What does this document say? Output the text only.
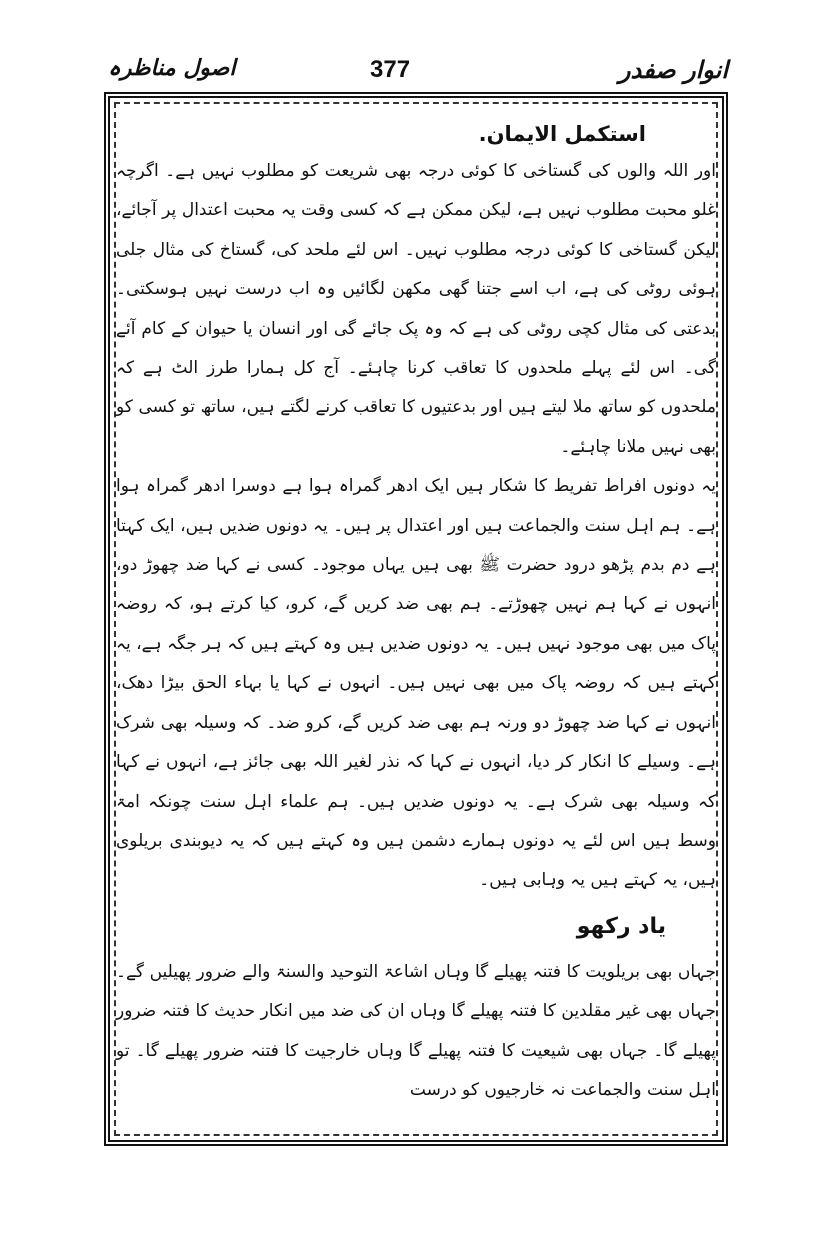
انوار صفدر
377
اصول مناظرہ

استکمل الایمان.

اور اللہ والوں کی گستاخی کا کوئی درجہ بھی شریعت کو مطلوب نہیں ہے۔ اگرچہ غلو محبت مطلوب نہیں ہے، لیکن ممکن ہے کہ کسی وقت یہ محبت اعتدال پر آجائے، لیکن گستاخی کا کوئی درجہ مطلوب نہیں۔ اس لئے ملحد کی، گستاخ کی مثال جلی ہوئی روٹی کی ہے، اب اسے جتنا گھی مکھن لگائیں وہ اب درست نہیں ہوسکتی۔ بدعتی کی مثال کچی روٹی کی ہے کہ وہ پک جائے گی اور انسان یا حیوان کے کام آئے گی۔ اس لئے پہلے ملحدوں کا تعاقب کرنا چاہئے۔ آج کل ہمارا طرز الٹ ہے کہ ملحدوں کو ساتھ ملا لیتے ہیں اور بدعتیوں کا تعاقب کرنے لگتے ہیں، ساتھ تو کسی کو بھی نہیں ملانا چاہئے۔

یہ دونوں افراط تفریط کا شکار ہیں ایک ادھر گمراہ ہوا ہے دوسرا ادھر گمراہ ہوا ہے۔ ہم اہل سنت والجماعت ہیں اور اعتدال پر ہیں۔ یہ دونوں ضدیں ہیں، ایک کہتا ہے دم بدم پڑھو درود حضرت ﷺ بھی ہیں یہاں موجود۔ کسی نے کہا ضد چھوڑ دو، انہوں نے کہا ہم نہیں چھوڑتے۔ ہم بھی ضد کریں گے، کرو، کیا کرتے ہو، کہ روضہ پاک میں بھی موجود نہیں ہیں۔ یہ دونوں ضدیں ہیں وہ کہتے ہیں کہ ہر جگہ ہے، یہ کہتے ہیں کہ روضہ پاک میں بھی نہیں ہیں۔ انہوں نے کہا یا بہاء الحق بیڑا دھک، انہوں نے کہا ضد چھوڑ دو ورنہ ہم بھی ضد کریں گے، کرو ضد۔ کہ وسیلہ بھی شرک ہے۔ وسیلے کا انکار کر دیا، انہوں نے کہا کہ نذر لغیر اللہ بھی جائز ہے، انہوں نے کہا کہ وسیلہ بھی شرک ہے۔ یہ دونوں ضدیں ہیں۔ ہم علماء اہل سنت چونکہ امۃ وسط ہیں اس لئے یہ دونوں ہمارے دشمن ہیں وہ کہتے ہیں کہ یہ دیوبندی بریلوی ہیں، یہ کہتے ہیں یہ وہابی ہیں۔

یاد رکھو

جہاں بھی بریلویت کا فتنہ پھیلے گا وہاں اشاعۃ التوحید والسنۃ والے ضرور پھیلیں گے۔ جہاں بھی غیر مقلدین کا فتنہ پھیلے گا وہاں ان کی ضد میں انکار حدیث کا فتنہ ضرور پھیلے گا۔ جہاں بھی شیعیت کا فتنہ پھیلے گا وہاں خارجیت کا فتنہ ضرور پھیلے گا۔ تو اہل سنت والجماعت نہ خارجیوں کو درست
